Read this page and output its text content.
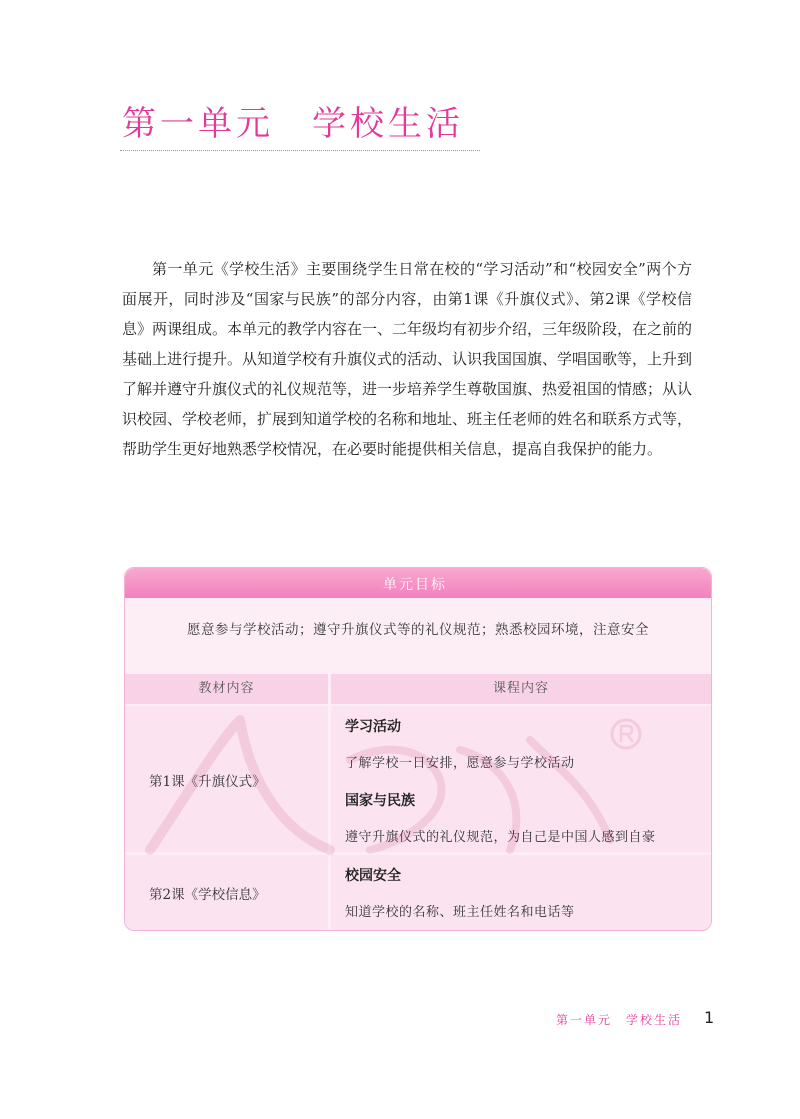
第一单元　学校生活

第一单元《学校生活》主要围绕学生日常在校的“学习活动”和“校园安全”两个方面展开，同时涉及“国家与民族”的部分内容，由第1课《升旗仪式》、第2课《学校信息》两课组成。本单元的教学内容在一、二年级均有初步介绍，三年级阶段，在之前的基础上进行提升。从知道学校有升旗仪式的活动、认识我国国旗、学唱国歌等，上升到了解并遵守升旗仪式的礼仪规范等，进一步培养学生尊敬国旗、热爱祖国的情感；从认识校园、学校老师，扩展到知道学校的名称和地址、班主任老师的姓名和联系方式等，帮助学生更好地熟悉学校情况，在必要时能提供相关信息，提高自我保护的能力。

单元目标
愿意参与学校活动；遵守升旗仪式等的礼仪规范；熟悉校园环境，注意安全
教材内容	课程内容
第1课《升旗仪式》
学习活动
了解学校一日安排，愿意参与学校活动
国家与民族
遵守升旗仪式的礼仪规范，为自己是中国人感到自豪
第2课《学校信息》
校园安全
知道学校的名称、班主任姓名和电话等
第一单元　学校生活 1
